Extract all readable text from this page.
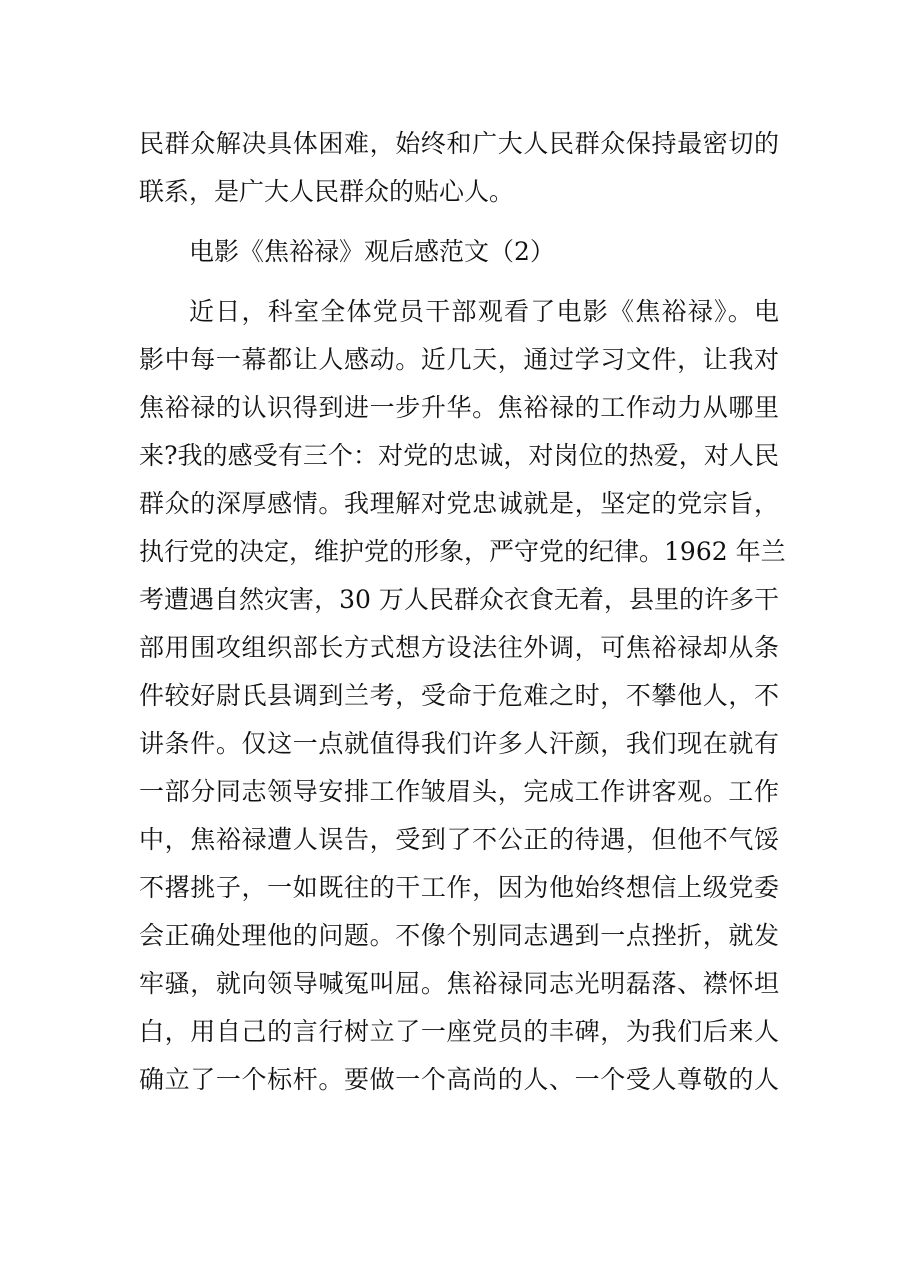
民群众解决具体困难，始终和广大人民群众保持最密切的
联系，是广大人民群众的贴心人。
电影《焦裕禄》观后感范文（2）
近日，科室全体党员干部观看了电影《焦裕禄》。电
影中每一幕都让人感动。近几天，通过学习文件，让我对
焦裕禄的认识得到进一步升华。焦裕禄的工作动力从哪里
来?我的感受有三个：对党的忠诚，对岗位的热爱，对人民
群众的深厚感情。我理解对党忠诚就是，坚定的党宗旨，
执行党的决定，维护党的形象，严守党的纪律。1962 年兰
考遭遇自然灾害，30 万人民群众衣食无着，县里的许多干
部用围攻组织部长方式想方设法往外调，可焦裕禄却从条
件较好尉氏县调到兰考，受命于危难之时，不攀他人，不
讲条件。仅这一点就值得我们许多人汗颜，我们现在就有
一部分同志领导安排工作皱眉头，完成工作讲客观。工作
中，焦裕禄遭人误告，受到了不公正的待遇，但他不气馁
不撂挑子，一如既往的干工作，因为他始终想信上级党委
会正确处理他的问题。不像个别同志遇到一点挫折，就发
牢骚，就向领导喊冤叫屈。焦裕禄同志光明磊落、襟怀坦
白，用自己的言行树立了一座党员的丰碑，为我们后来人
确立了一个标杆。要做一个高尚的人、一个受人尊敬的人
